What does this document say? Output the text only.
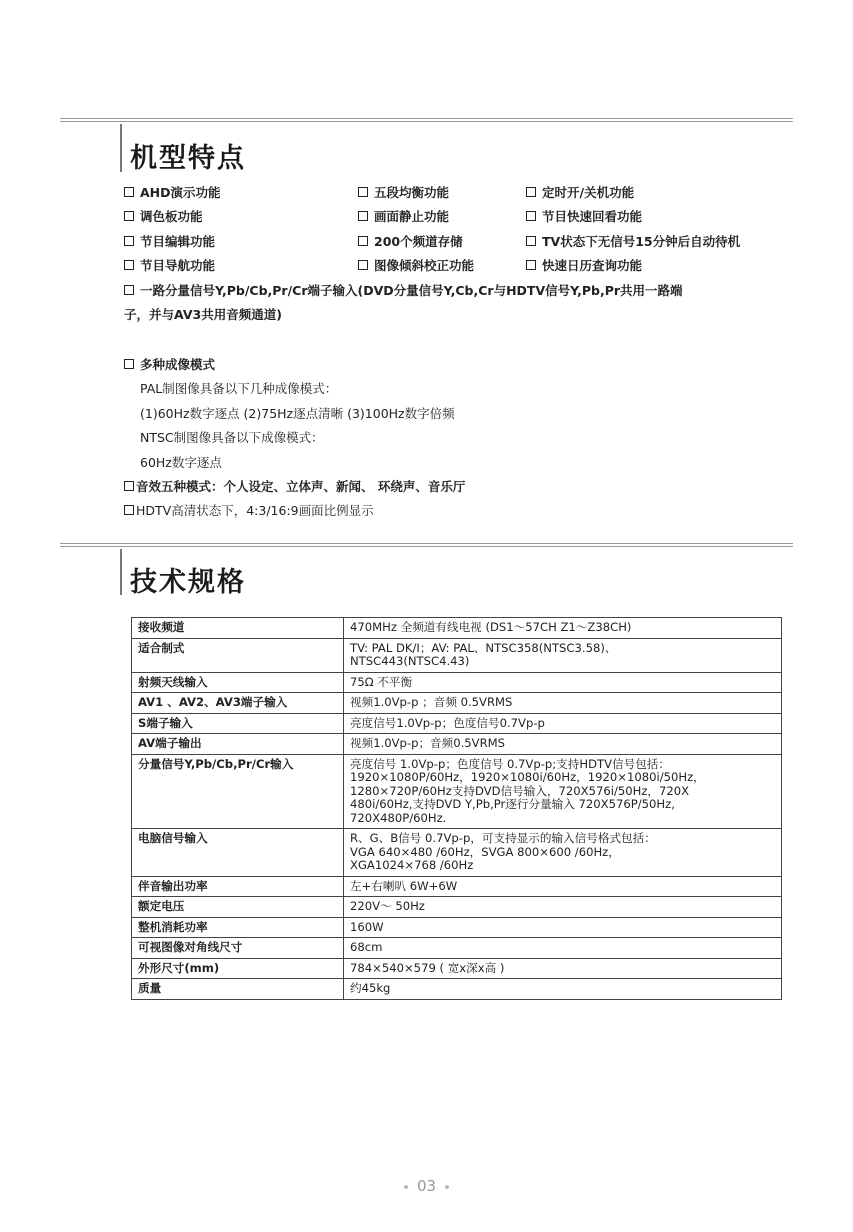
机型特点
AHD演示功能	五段均衡功能	定时开/关机功能
调色板功能	画面静止功能	节目快速回看功能
节目编辑功能	200个频道存储	TV状态下无信号15分钟后自动待机
节目导航功能	图像倾斜校正功能	快速日历查询功能
一路分量信号Y,Pb/Cb,Pr/Cr端子输入(DVD分量信号Y,Cb,Cr与HDTV信号Y,Pb,Pr共用一路端
子，并与AV3共用音频通道)
多种成像模式
PAL制图像具备以下几种成像模式：
(1)60Hz数字逐点 (2)75Hz逐点清晰 (3)100Hz数字倍频
NTSC制图像具备以下成像模式：
60Hz数字逐点
音效五种模式：个人设定、立体声、新闻、 环绕声、音乐厅
HDTV高清状态下，4:3/16:9画面比例显示
技术规格
接收频道	470MHz 全频道有线电视 (DS1～57CH Z1～Z38CH)
适合制式	TV: PAL DK/I；AV: PAL、NTSC358(NTSC3.58)、
NTSC443(NTSC4.43)
射频天线输入	75Ω 不平衡
AV1 、AV2、AV3端子输入	视频1.0Vp-p ；音频 0.5VRMS
S端子输入	亮度信号1.0Vp-p；色度信号0.7Vp-p
AV端子输出	视频1.0Vp-p；音频0.5VRMS
分量信号Y,Pb/Cb,Pr/Cr输入	亮度信号 1.0Vp-p；色度信号 0.7Vp-p;支持HDTV信号包括：
1920×1080P/60Hz，1920×1080i/60Hz，1920×1080i/50Hz，
1280×720P/60Hz支持DVD信号输入，720X576i/50Hz，720X
480i/60Hz,支持DVD Y,Pb,Pr逐行分量输入 720X576P/50Hz,
720X480P/60Hz.
电脑信号输入	R、G、B信号 0.7Vp-p，可支持显示的输入信号格式包括：
VGA 640×480 /60Hz，SVGA 800×600 /60Hz，
XGA1024×768 /60Hz
伴音输出功率	左+右喇叭 6W+6W
额定电压	220V～ 50Hz
整机消耗功率	160W
可视图像对角线尺寸	68cm
外形尺寸(mm)	784×540×579 ( 宽x深x高 )
质量	约45kg
03
